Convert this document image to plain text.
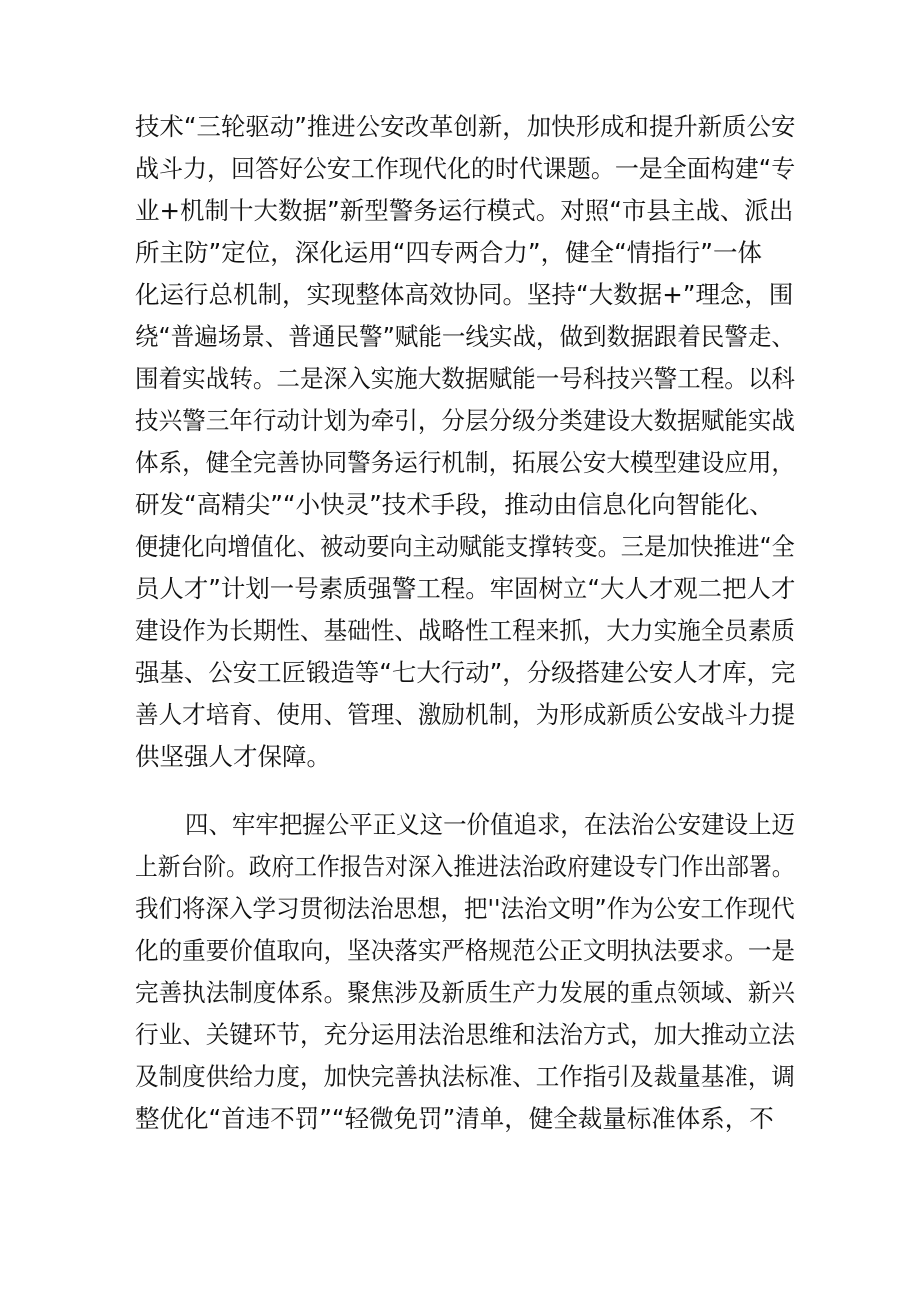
技术“三轮驱动”推进公安改革创新，加快形成和提升新质公安
战斗力，回答好公安工作现代化的时代课题。一是全面构建“专
业+机制十大数据”新型警务运行模式。对照“市县主战、派出
所主防”定位，深化运用“四专两合力”，健全“情指行”一体
化运行总机制，实现整体高效协同。坚持“大数据+”理念，围
绕“普遍场景、普通民警”赋能一线实战，做到数据跟着民警走、
围着实战转。二是深入实施大数据赋能一号科技兴警工程。以科
技兴警三年行动计划为牵引，分层分级分类建设大数据赋能实战
体系，健全完善协同警务运行机制，拓展公安大模型建设应用，
研发“高精尖”“小快灵”技术手段，推动由信息化向智能化、
便捷化向增值化、被动要向主动赋能支撑转变。三是加快推进“全
员人才”计划一号素质强警工程。牢固树立“大人才观二把人才
建设作为长期性、基础性、战略性工程来抓，大力实施全员素质
强基、公安工匠锻造等“七大行动”，分级搭建公安人才库，完
善人才培育、使用、管理、激励机制，为形成新质公安战斗力提
供坚强人才保障。
四、牢牢把握公平正义这一价值追求，在法治公安建设上迈
上新台阶。政府工作报告对深入推进法治政府建设专门作出部署。
我们将深入学习贯彻法治思想，把''法治文明”作为公安工作现代
化的重要价值取向，坚决落实严格规范公正文明执法要求。一是
完善执法制度体系。聚焦涉及新质生产力发展的重点领域、新兴
行业、关键环节，充分运用法治思维和法治方式，加大推动立法
及制度供给力度，加快完善执法标准、工作指引及裁量基准，调
整优化“首违不罚”“轻微免罚”清单，健全裁量标准体系，不
